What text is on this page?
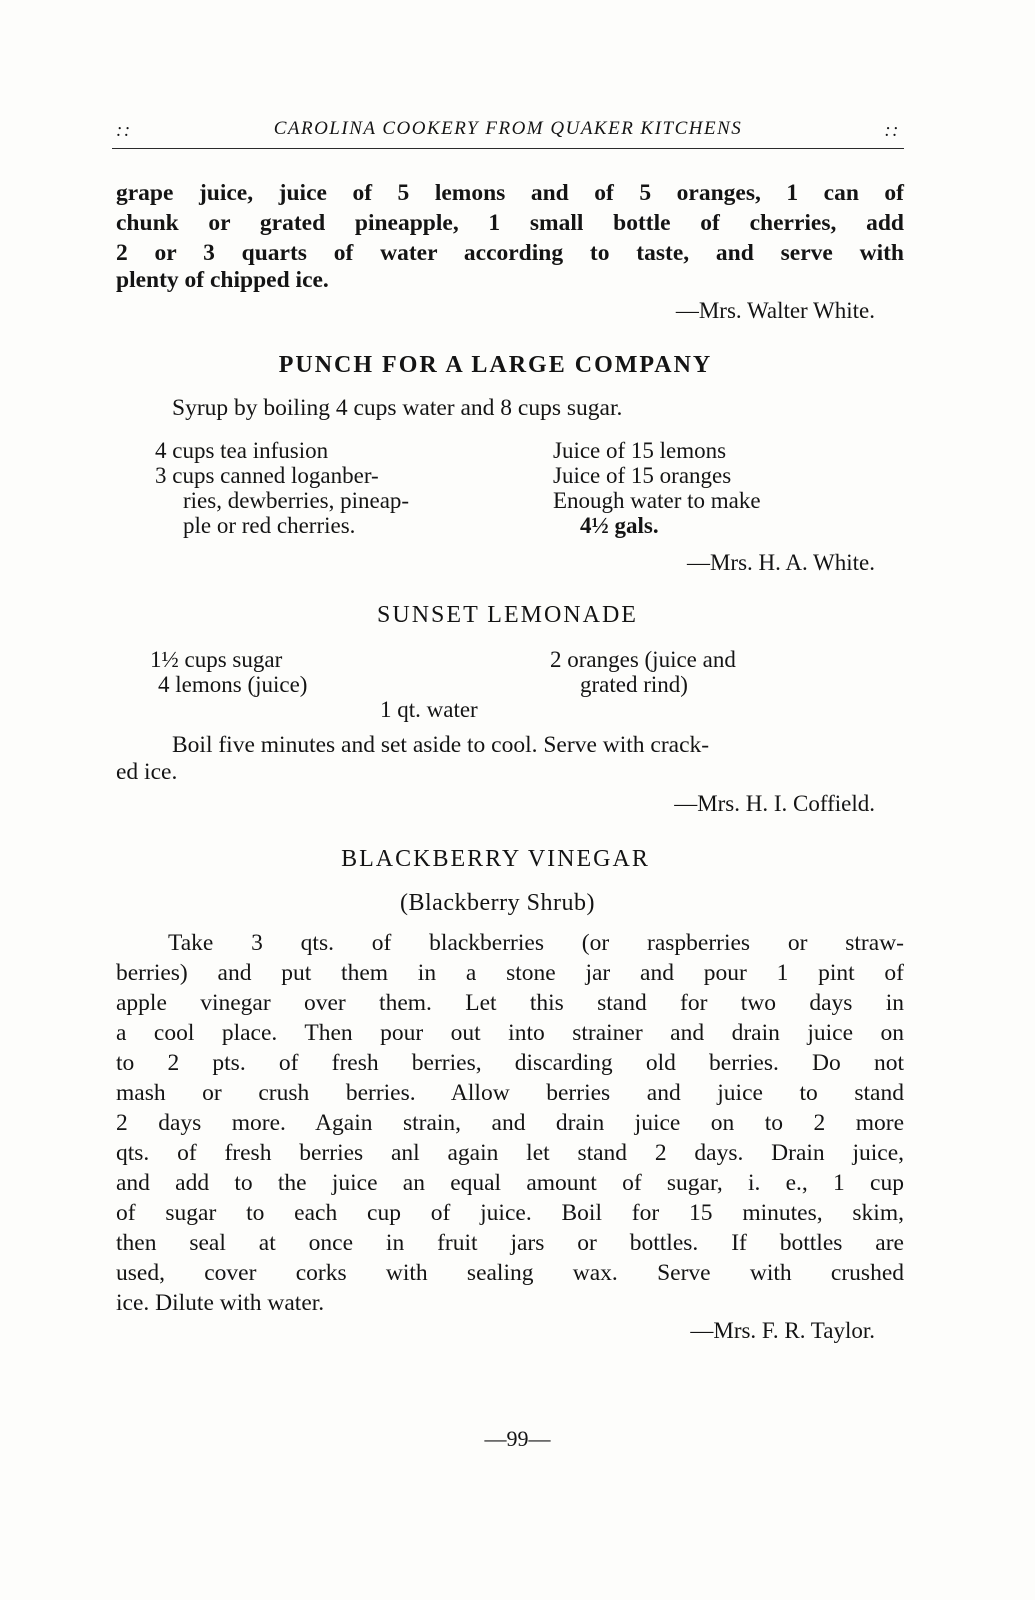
::	CAROLINA COOKERY FROM QUAKER KITCHENS	::
grape juice, juice of 5 lemons and of 5 oranges, 1 can of
chunk or grated pineapple, 1 small bottle of cherries, add
2 or 3 quarts of water according to taste, and serve with
plenty of chipped ice.
—Mrs. Walter White.
PUNCH FOR A LARGE COMPANY
Syrup by boiling 4 cups water and 8 cups sugar.
4 cups tea infusion
3 cups canned loganber-
ries, dewberries, pineap-
ple or red cherries.
Juice of 15 lemons
Juice of 15 oranges
Enough water to make
4½ gals.
—Mrs. H. A. White.
SUNSET LEMONADE
1½ cups sugar
4 lemons (juice)
2 oranges (juice and
grated rind)
1 qt. water
Boil five minutes and set aside to cool. Serve with crack-
ed ice.
—Mrs. H. I. Coffield.
BLACKBERRY VINEGAR
(Blackberry Shrub)
Take 3 qts. of blackberries (or raspberries or straw-
berries) and put them in a stone jar and pour 1 pint of
apple vinegar over them. Let this stand for two days in
a cool place. Then pour out into strainer and drain juice on
to 2 pts. of fresh berries, discarding old berries. Do not
mash or crush berries. Allow berries and juice to stand
2 days more. Again strain, and drain juice on to 2 more
qts. of fresh berries anl again let stand 2 days. Drain juice,
and add to the juice an equal amount of sugar, i. e., 1 cup
of sugar to each cup of juice. Boil for 15 minutes, skim,
then seal at once in fruit jars or bottles. If bottles are
used, cover corks with sealing wax. Serve with crushed
ice. Dilute with water.
—Mrs. F. R. Taylor.
—99—
